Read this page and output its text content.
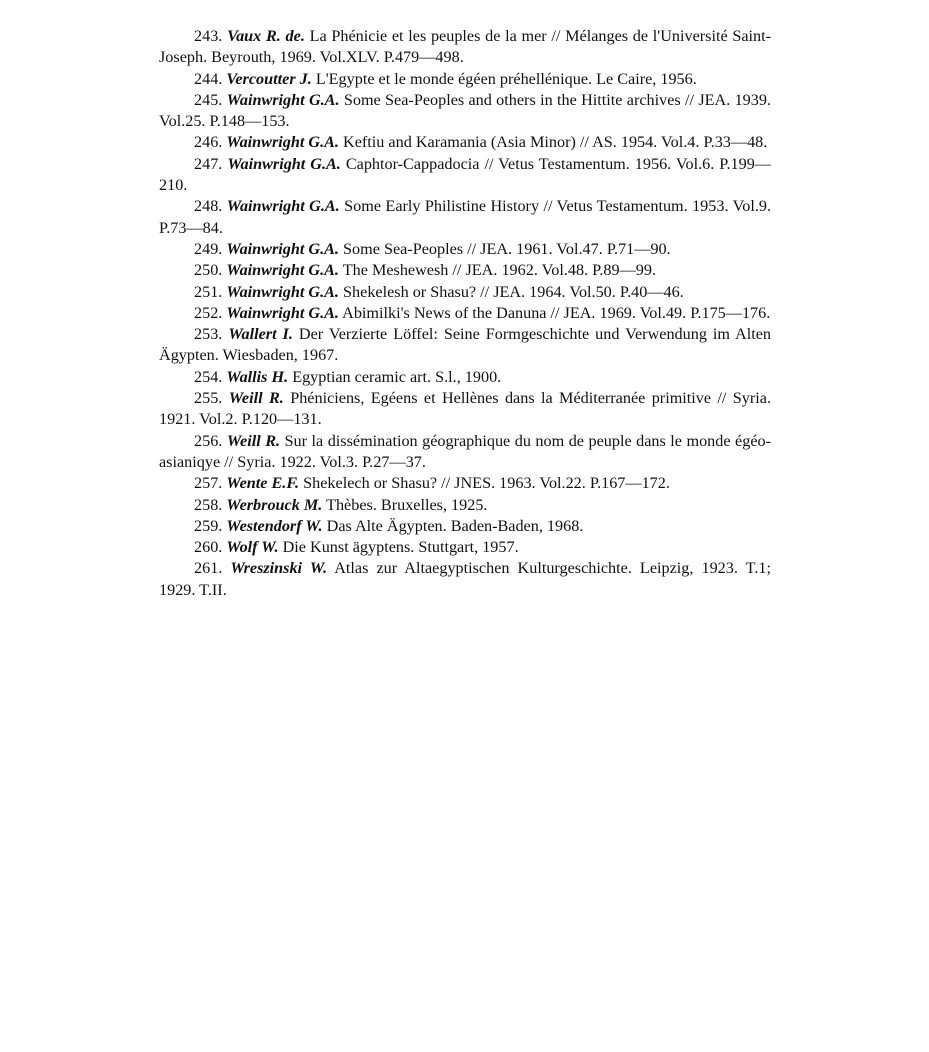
243. Vaux R. de. La Phénicie et les peuples de la mer // Mélanges de l'Université Saint-Joseph. Beyrouth, 1969. Vol.XLV. P.479—498.

244. Vercoutter J. L'Egypte et le monde égéen préhellénique. Le Caire, 1956.

245. Wainwright G.A. Some Sea-Peoples and others in the Hittite archives // JEA. 1939. Vol.25. P.148—153.

246. Wainwright G.A. Keftiu and Karamania (Asia Minor) // AS. 1954. Vol.4. P.33—48.

247. Wainwright G.A. Caphtor-Cappadocia // Vetus Testamentum. 1956. Vol.6. P.199—210.

248. Wainwright G.A. Some Early Philistine History // Vetus Testamentum. 1953. Vol.9. P.73—84.

249. Wainwright G.A. Some Sea-Peoples // JEA. 1961. Vol.47. P.71—90.

250. Wainwright G.A. The Meshewesh // JEA. 1962. Vol.48. P.89—99.

251. Wainwright G.A. Shekelesh or Shasu? // JEA. 1964. Vol.50. P.40—46.

252. Wainwright G.A. Abimilki's News of the Danuna // JEA. 1969. Vol.49. P.175—176.

253. Wallert I. Der Verzierte Löffel: Seine Formgeschichte und Verwendung im Alten Ägypten. Wiesbaden, 1967.

254. Wallis H. Egyptian ceramic art. S.l., 1900.

255. Weill R. Phéniciens, Egéens et Hellènes dans la Méditerranée primitive // Syria. 1921. Vol.2. P.120—131.

256. Weill R. Sur la dissémination géographique du nom de peuple dans le monde égéo-asianiqye // Syria. 1922. Vol.3. P.27—37.

257. Wente E.F. Shekelech or Shasu? // JNES. 1963. Vol.22. P.167—172.

258. Werbrouck M. Thèbes. Bruxelles, 1925.

259. Westendorf W. Das Alte Ägypten. Baden-Baden, 1968.

260. Wolf W. Die Kunst ägyptens. Stuttgart, 1957.

261. Wreszinski W. Atlas zur Altaegyptischen Kulturgeschichte. Leipzig, 1923. T.1; 1929. T.II.
